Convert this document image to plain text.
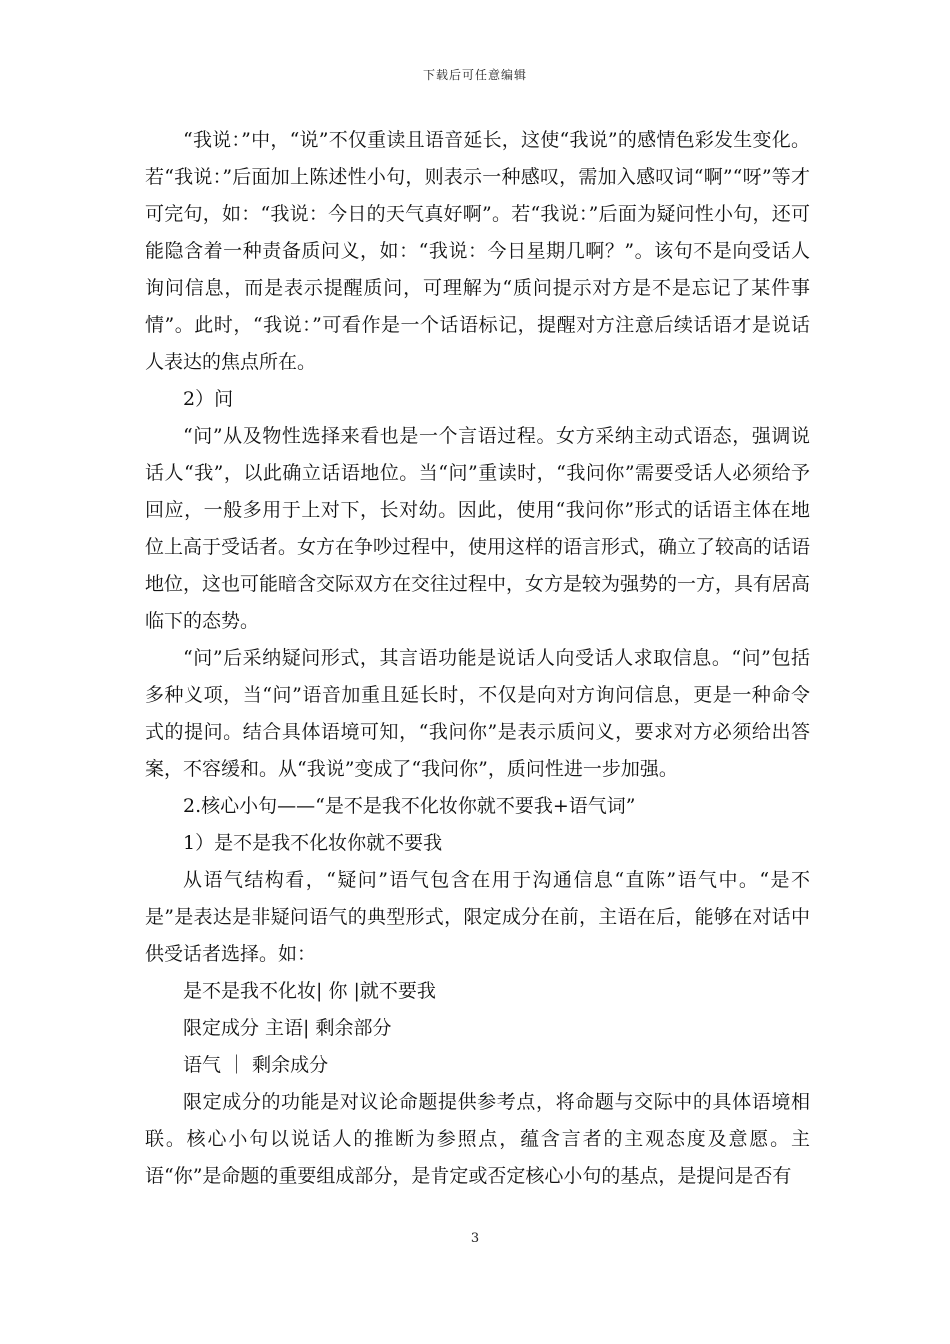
下载后可任意编辑

“我说：”中，“说”不仅重读且语音延长，这使“我说”的感情色彩发生变化。若“我说：”后面加上陈述性小句，则表示一种感叹，需加入感叹词“啊”“呀”等才可完句，如：“我说：今日的天气真好啊”。若“我说：”后面为疑问性小句，还可能隐含着一种责备质问义，如：“我说：今日星期几啊？”。该句不是向受话人询问信息，而是表示提醒质问，可理解为“质问提示对方是不是忘记了某件事情”。此时，“我说：”可看作是一个话语标记，提醒对方注意后续话语才是说话人表达的焦点所在。

2）问

“问”从及物性选择来看也是一个言语过程。女方采纳主动式语态，强调说话人“我”，以此确立话语地位。当“问”重读时，“我问你”需要受话人必须给予回应，一般多用于上对下，长对幼。因此，使用“我问你”形式的话语主体在地位上高于受话者。女方在争吵过程中，使用这样的语言形式，确立了较高的话语地位，这也可能暗含交际双方在交往过程中，女方是较为强势的一方，具有居高临下的态势。

“问”后采纳疑问形式，其言语功能是说话人向受话人求取信息。“问”包括多种义项，当“问”语音加重且延长时，不仅是向对方询问信息，更是一种命令式的提问。结合具体语境可知，“我问你”是表示质问义，要求对方必须给出答案，不容缓和。从“我说”变成了“我问你”，质问性进一步加强。

2.核心小句——“是不是我不化妆你就不要我+语气词”

1）是不是我不化妆你就不要我

从语气结构看，“疑问”语气包含在用于沟通信息“直陈”语气中。“是不是”是表达是非疑问语气的典型形式，限定成分在前，主语在后，能够在对话中供受话者选择。如：

是不是我不化妆| 你 |就不要我

限定成分 主语| 剩余部分

语气 ｜ 剩余成分

限定成分的功能是对议论命题提供参考点，将命题与交际中的具体语境相联。核心小句以说话人的推断为参照点，蕴含言者的主观态度及意愿。主语“你”是命题的重要组成部分，是肯定或否定核心小句的基点，是提问是否有

3
